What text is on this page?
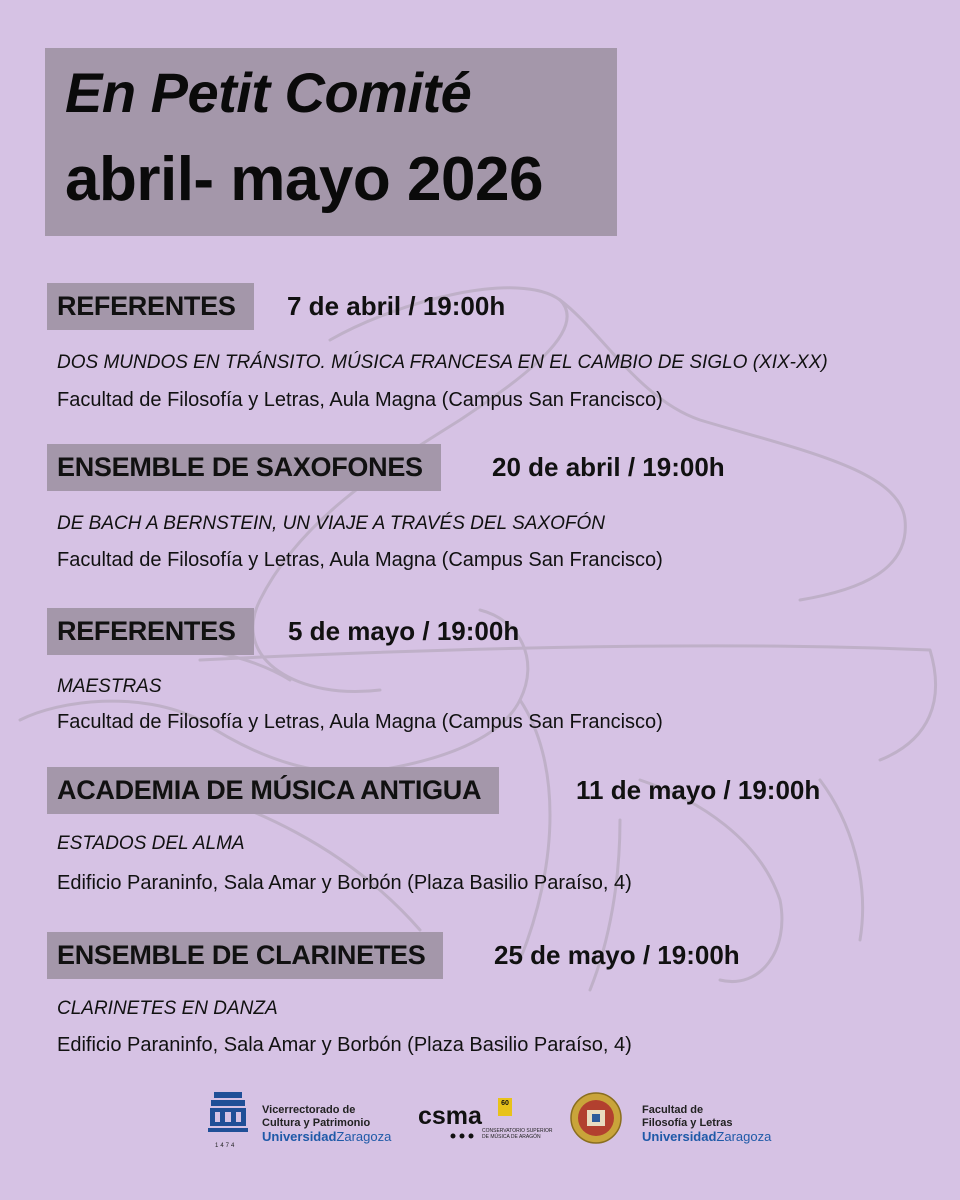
En Petit Comité
abril- mayo 2026
REFERENTES	7 de abril / 19:00h
DOS MUNDOS EN TRÁNSITO. MÚSICA FRANCESA EN EL CAMBIO DE SIGLO (XIX-XX)
Facultad de Filosofía y Letras, Aula Magna (Campus San Francisco)
ENSEMBLE DE SAXOFONES	20 de abril / 19:00h
DE BACH A BERNSTEIN, UN VIAJE A TRAVÉS DEL SAXOFÓN
Facultad de Filosofía y Letras, Aula Magna (Campus San Francisco)
REFERENTES	5 de mayo / 19:00h
MAESTRAS
Facultad de Filosofía y Letras, Aula Magna (Campus San Francisco)
ACADEMIA DE MÚSICA ANTIGUA	11 de mayo / 19:00h
ESTADOS DEL ALMA
Edificio Paraninfo, Sala Amar y Borbón (Plaza Basilio Paraíso, 4)
ENSEMBLE DE CLARINETES	25 de mayo / 19:00h
CLARINETES EN DANZA
Edificio Paraninfo, Sala Amar y Borbón (Plaza Basilio Paraíso, 4)
1474
Vicerrectorado de
Cultura y Patrimonio
UniversidadZaragoza
csma	60
CONSERVATORIO SUPERIOR
DE MÚSICA DE ARAGÓN
Facultad de
Filosofía y Letras
UniversidadZaragoza
